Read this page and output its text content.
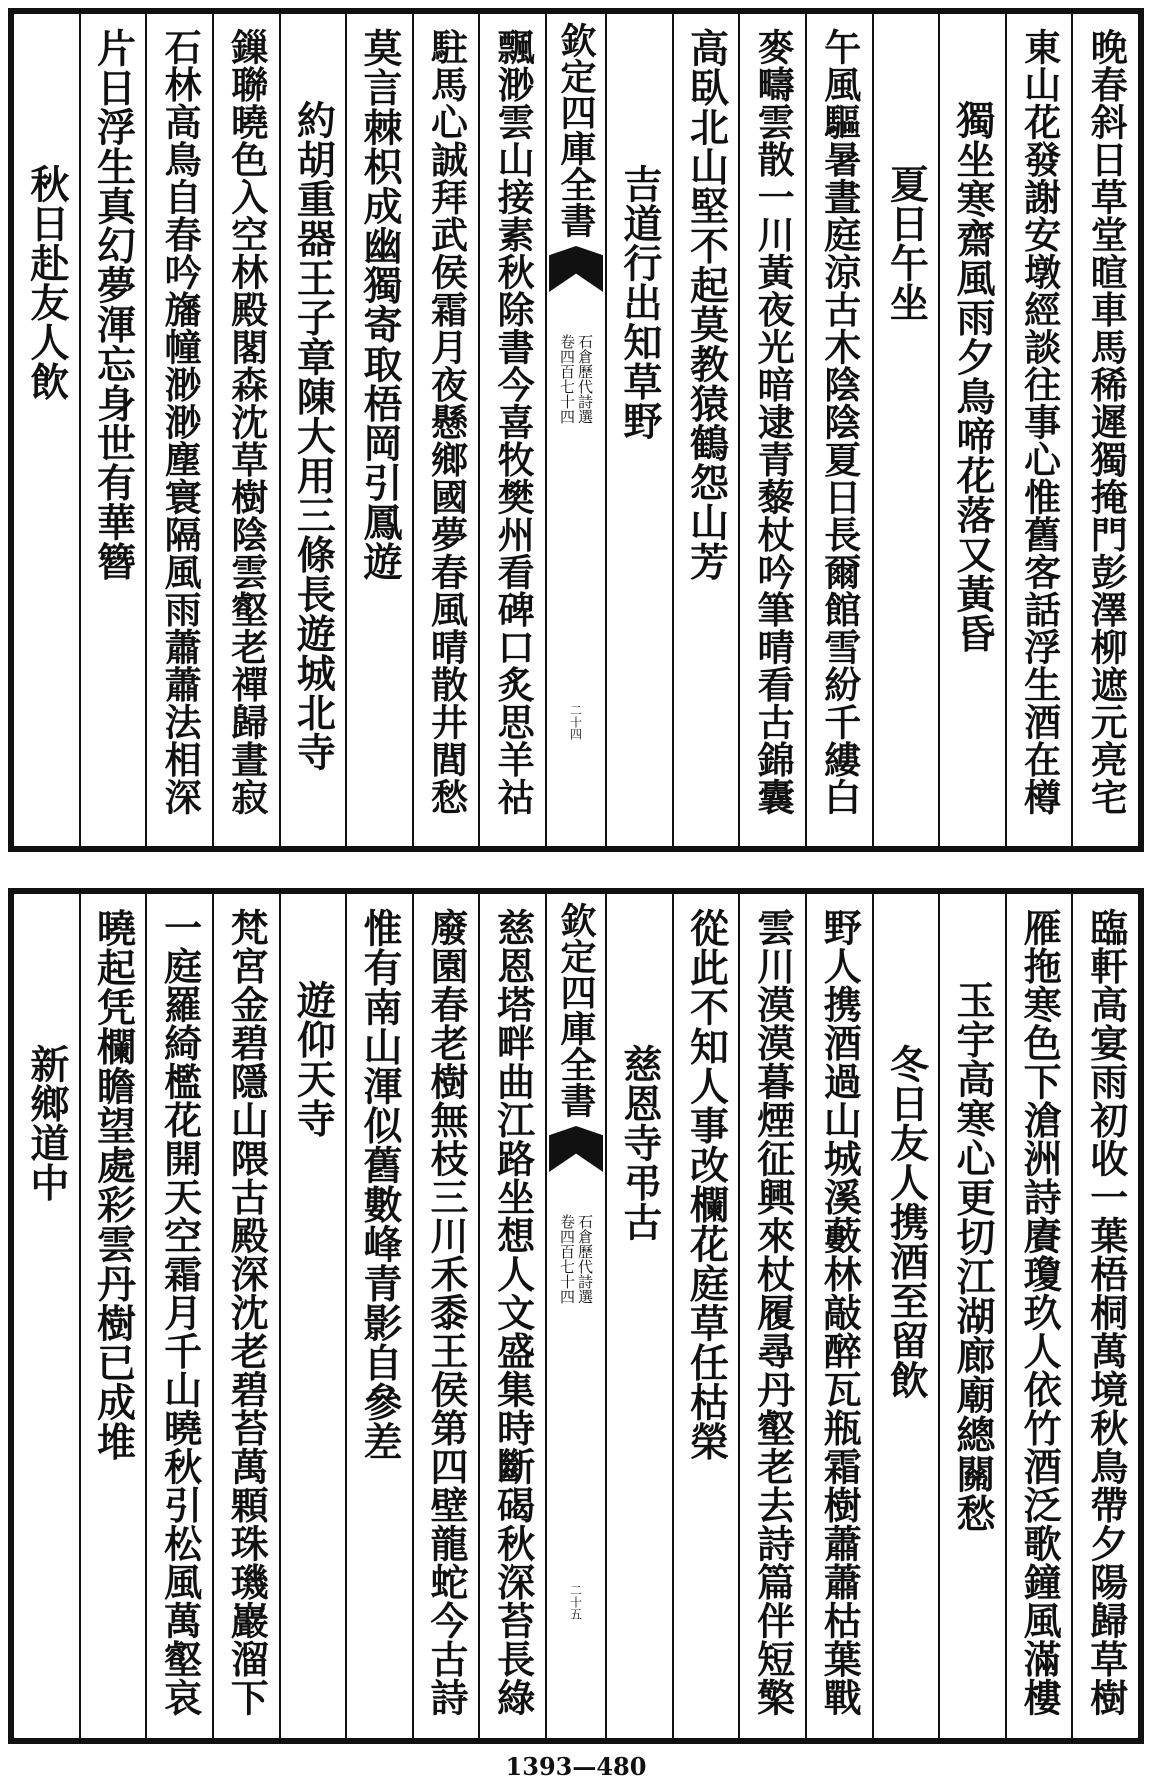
晚春斜日草堂暄車馬稀遲獨掩門彭澤柳遮元亮宅
東山花發謝安墩經談往事心惟舊客話浮生酒在樽
獨坐寒齋風雨夕鳥啼花落又黃昏
夏日午坐
午風驅暑晝庭涼古木陰陰夏日長爾館雪紛千縷白
麥疇雲散一川黃夜光暗逮青藜杖吟筆晴看古錦囊
高臥北山堅不起莫教猿鶴怨山芳
吉道行出知草野
欽定四庫全書
石倉歷代詩選
卷四百七十四
二十四
飄渺雲山接素秋除書今喜牧樊州看碑口炙思羊祜
駐馬心誠拜武侯霜月夜懸鄉國夢春風晴散井閭愁
莫言棘枳成幽獨寄取梧岡引鳳遊
約胡重器王子章陳大用三條長遊城北寺
鏁聯曉色入空林殿閣森沈草樹陰雲壑老禪歸晝寂
石林高鳥自春吟旛幢渺渺塵寰隔風雨蕭蕭法相深
片日浮生真幻夢渾忘身世有華簪
秋日赴友人飲
臨軒高宴雨初收一葉梧桐萬境秋鳥帶夕陽歸草樹
雁拖寒色下滄洲詩賡瓊玖人依竹酒泛歌鐘風滿樓
玉宇高寒心更切江湖廊廟總關愁
冬日友人携酒至留飲
野人携酒過山城溪藪林敲醉瓦瓶霜樹蕭蕭枯葉戰
雲川漠漠暮煙征興來杖履尋丹壑老去詩篇伴短檠
從此不知人事改欄花庭草任枯榮
慈恩寺弔古
欽定四庫全書
石倉歷代詩選
卷四百七十四
二十五
慈恩塔畔曲江路坐想人文盛集時斷碣秋深苔長綠
廢園春老樹無枝三川禾黍王侯第四壁龍蛇今古詩
惟有南山渾似舊數峰青影自參差
遊仰天寺
梵宮金碧隱山隈古殿深沈老碧苔萬顆珠璣巖溜下
一庭羅綺檻花開天空霜月千山曉秋引松風萬壑哀
曉起凭欄瞻望處彩雲丹樹已成堆
新鄉道中
1393—480
